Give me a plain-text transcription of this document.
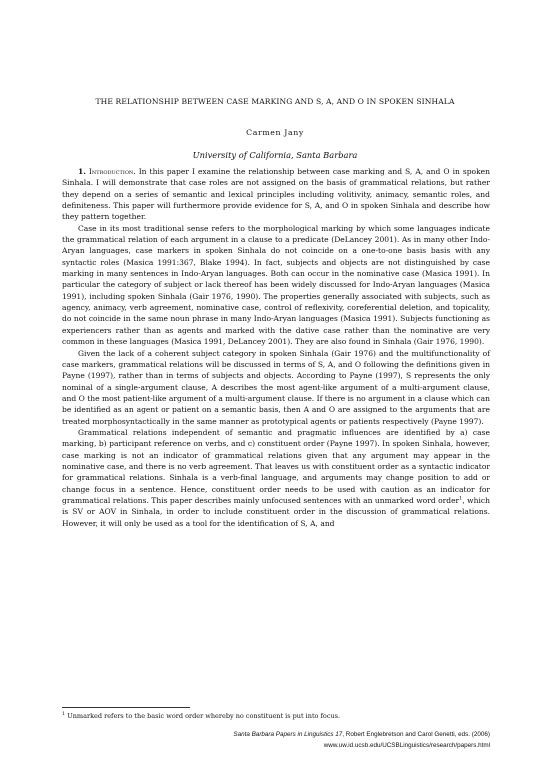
THE RELATIONSHIP BETWEEN CASE MARKING AND S, A, AND O IN SPOKEN SINHALA
Carmen Jany
University of California, Santa Barbara

1. Introduction. In this paper I examine the relationship between case marking and S, A, and O in spoken Sinhala. I will demonstrate that case roles are not assigned on the basis of grammatical relations, but rather they depend on a series of semantic and lexical principles including volitivity, animacy, semantic roles, and definiteness. This paper will furthermore provide evidence for S, A, and O in spoken Sinhala and describe how they pattern together.

Case in its most traditional sense refers to the morphological marking by which some languages indicate the grammatical relation of each argument in a clause to a predicate (DeLancey 2001). As in many other Indo-Aryan languages, case markers in spoken Sinhala do not coincide on a one-to-one basis basis with any syntactic roles (Masica 1991:367, Blake 1994). In fact, subjects and objects are not distinguished by case marking in many sentences in Indo-Aryan languages. Both can occur in the nominative case (Masica 1991). In particular the category of subject or lack thereof has been widely discussed for Indo-Aryan languages (Masica 1991), including spoken Sinhala (Gair 1976, 1990). The properties generally associated with subjects, such as agency, animacy, verb agreement, nominative case, control of reflexivity, coreferential deletion, and topicality, do not coincide in the same noun phrase in many Indo-Aryan languages (Masica 1991). Subjects functioning as experiencers rather than as agents and marked with the dative case rather than the nominative are very common in these languages (Masica 1991, DeLancey 2001). They are also found in Sinhala (Gair 1976, 1990).

Given the lack of a coherent subject category in spoken Sinhala (Gair 1976) and the multifunctionality of case markers, grammatical relations will be discussed in terms of S, A, and O following the definitions given in Payne (1997), rather than in terms of subjects and objects. According to Payne (1997), S represents the only nominal of a single-argument clause, A describes the most agent-like argument of a multi-argument clause, and O the most patient-like argument of a multi-argument clause. If there is no argument in a clause which can be identified as an agent or patient on a semantic basis, then A and O are assigned to the arguments that are treated morphosyntactically in the same manner as prototypical agents or patients respectively (Payne 1997).

Grammatical relations independent of semantic and pragmatic influences are identified by a) case marking, b) participant reference on verbs, and c) constituent order (Payne 1997). In spoken Sinhala, however, case marking is not an indicator of grammatical relations given that any argument may appear in the nominative case, and there is no verb agreement. That leaves us with constituent order as a syntactic indicator for grammatical relations. Sinhala is a verb-final language, and arguments may change position to add or change focus in a sentence. Hence, constituent order needs to be used with caution as an indicator for grammatical relations. This paper describes mainly unfocused sentences with an unmarked word order$^1$, which is SV or AOV in Sinhala, in order to include constituent order in the discussion of grammatical relations. However, it will only be used as a tool for the identification of S, A, and

$^1$ Unmarked refers to the basic word order whereby no constituent is put into focus.
Santa Barbara Papers in Linguistics 17, Robert Englebretson and Carol Genetti, eds. (2006)
www.uw.id.ucsb.edu/UCSBLinguistics/research/papers.html
